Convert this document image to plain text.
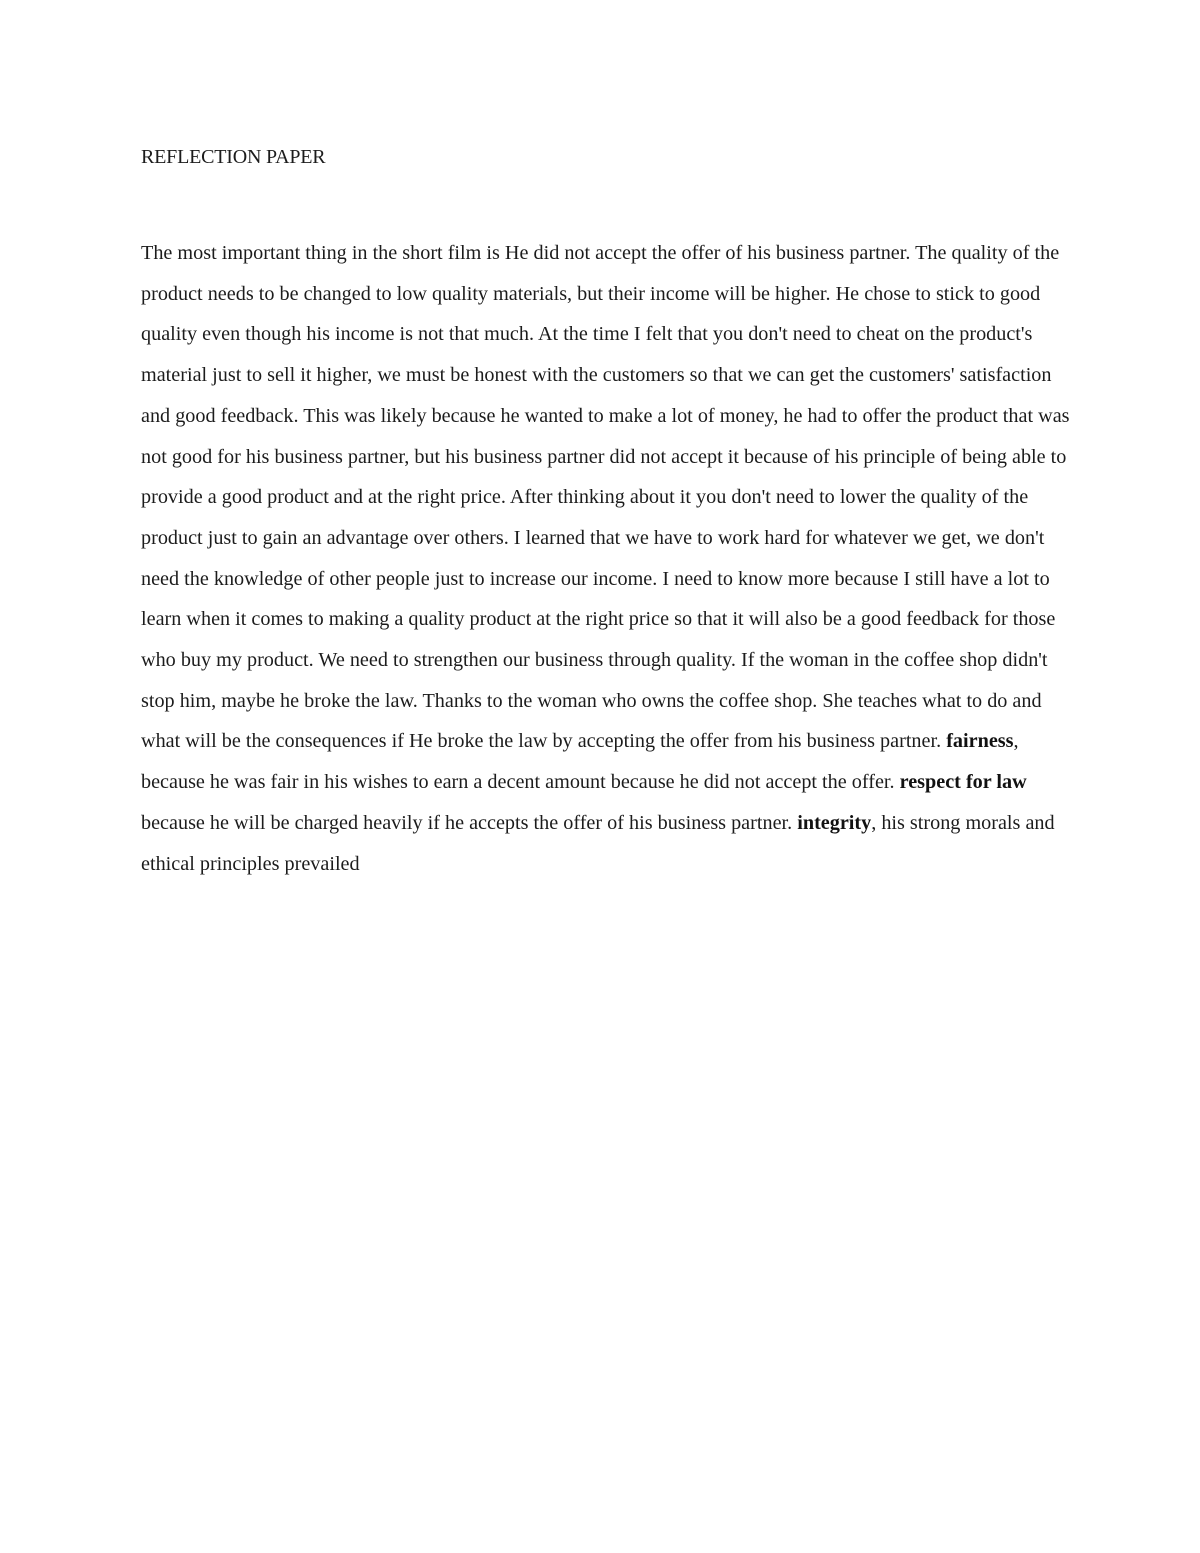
REFLECTION PAPER

The most important thing in the short film is He did not accept the offer of his business partner. The quality of the product needs to be changed to low quality materials, but their income will be higher. He chose to stick to good quality even though his income is not that much. At the time I felt that you don't need to cheat on the product's material just to sell it higher, we must be honest with the customers so that we can get the customers' satisfaction and good feedback. This was likely because he wanted to make a lot of money, he had to offer the product that was not good for his business partner, but his business partner did not accept it because of his principle of being able to provide a good product and at the right price. After thinking about it you don't need to lower the quality of the product just to gain an advantage over others. I learned that we have to work hard for whatever we get, we don't need the knowledge of other people just to increase our income. I need to know more because I still have a lot to learn when it comes to making a quality product at the right price so that it will also be a good feedback for those who buy my product. We need to strengthen our business through quality. If the woman in the coffee shop didn't stop him, maybe he broke the law. Thanks to the woman who owns the coffee shop. She teaches what to do and what will be the consequences if He broke the law by accepting the offer from his business partner. fairness, because he was fair in his wishes to earn a decent amount because he did not accept the offer. respect for law because he will be charged heavily if he accepts the offer of his business partner. integrity, his strong morals and ethical principles prevailed
